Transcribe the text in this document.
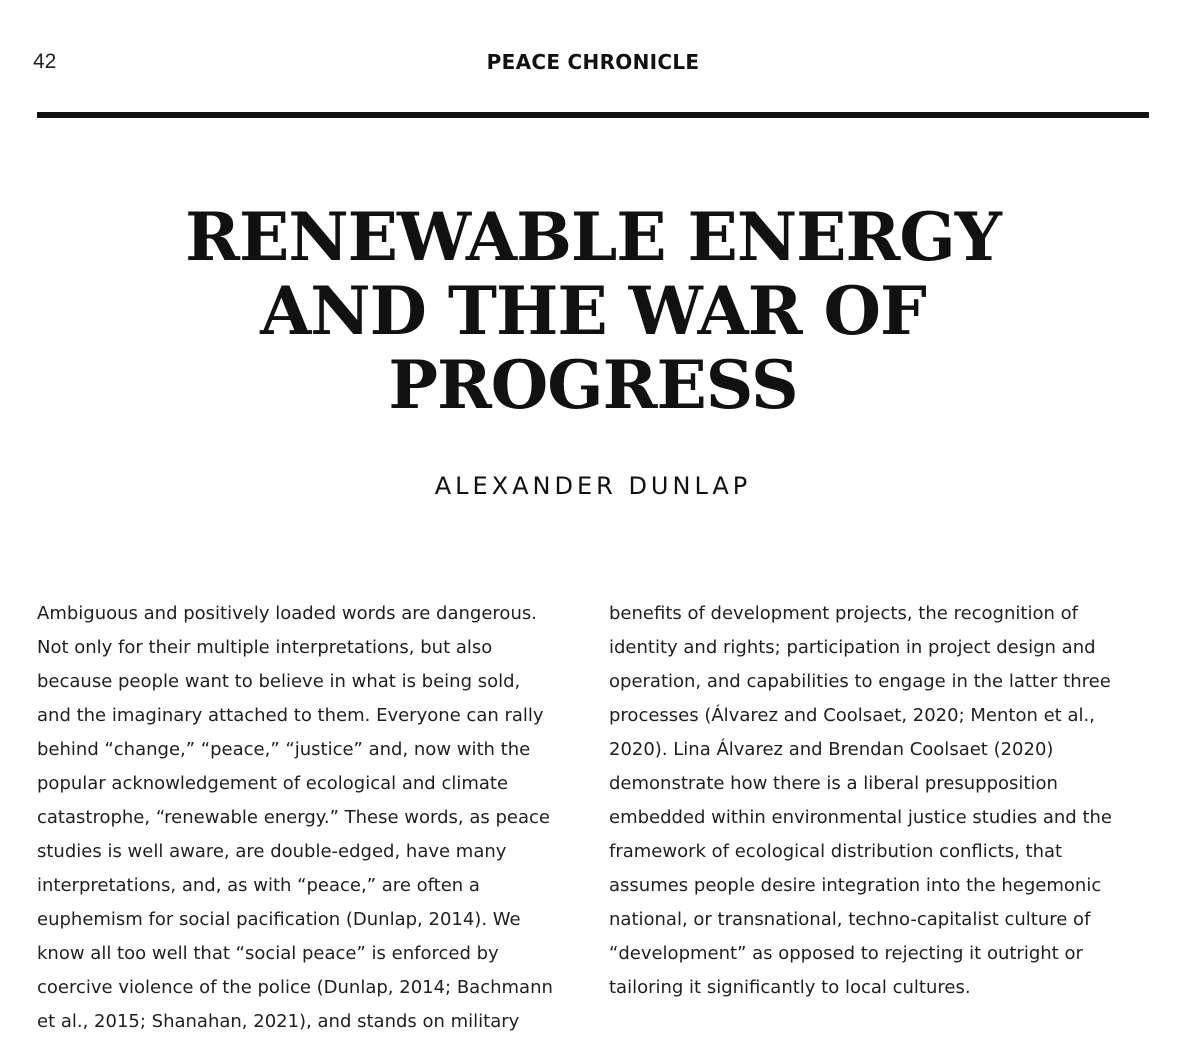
42	PEACE CHRONICLE
RENEWABLE ENERGY
AND THE WAR OF
PROGRESS
ALEXANDER DUNLAP
Ambiguous and positively loaded words are dangerous.
Not only for their multiple interpretations, but also
because people want to believe in what is being sold,
and the imaginary attached to them. Everyone can rally
behind “change,” “peace,” “justice” and, now with the
popular acknowledgement of ecological and climate
catastrophe, “renewable energy.” These words, as peace
studies is well aware, are double-edged, have many
interpretations, and, as with “peace,” are often a
euphemism for social pacification (Dunlap, 2014). We
know all too well that “social peace” is enforced by
coercive violence of the police (Dunlap, 2014; Bachmann
et al., 2015; Shanahan, 2021), and stands on military
benefits of development projects, the recognition of
identity and rights; participation in project design and
operation, and capabilities to engage in the latter three
processes (Álvarez and Coolsaet, 2020; Menton et al.,
2020). Lina Álvarez and Brendan Coolsaet (2020)
demonstrate how there is a liberal presupposition
embedded within environmental justice studies and the
framework of ecological distribution conflicts, that
assumes people desire integration into the hegemonic
national, or transnational, techno-capitalist culture of
“development” as opposed to rejecting it outright or
tailoring it significantly to local cultures.
